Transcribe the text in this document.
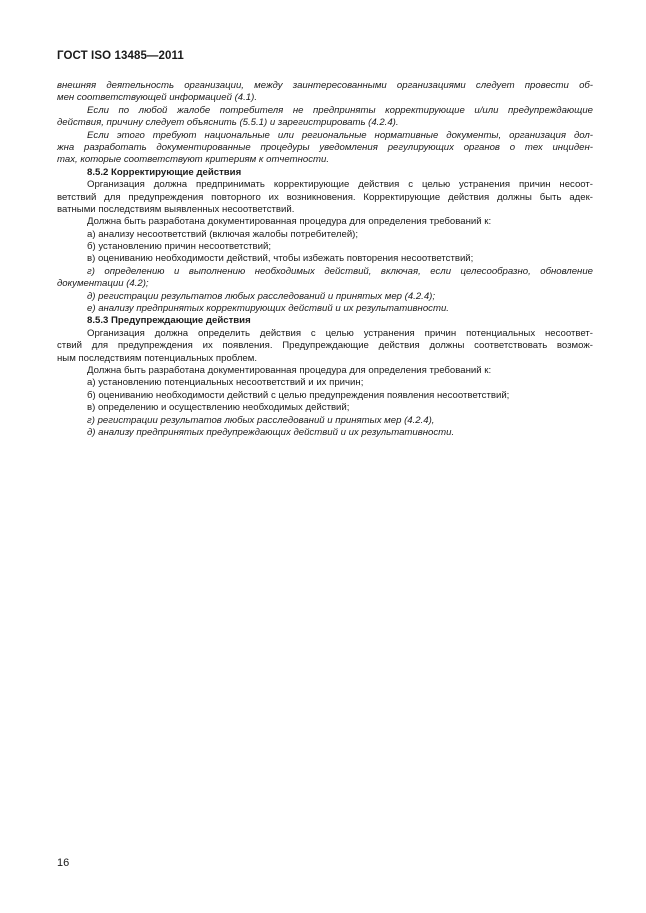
ГОСТ ISO 13485—2011
внешняя деятельность организации, между заинтересованными организациями следует провести об-
мен соответствующей информацией (4.1).
Если по любой жалобе потребителя не предприняты корректирующие и/или предупреждающие
действия, причину следует объяснить (5.5.1) и зарегистрировать (4.2.4).
Если этого требуют национальные или региональные нормативные документы, организация дол-
жна разработать документированные процедуры уведомления регулирующих органов о тех инциден-
тах, которые соответствуют критериям к отчетности.
8.5.2 Корректирующие действия
Организация должна предпринимать корректирующие действия с целью устранения причин несоот-
ветствий для предупреждения повторного их возникновения. Корректирующие действия должны быть адек-
ватными последствиям выявленных несоответствий.
Должна быть разработана документированная процедура для определения требований к:
а) анализу несоответствий (включая жалобы потребителей);
б) установлению причин несоответствий;
в) оцениванию необходимости действий, чтобы избежать повторения несоответствий;
г) определению и выполнению необходимых действий, включая, если целесообразно, обновление
документации (4.2);
д) регистрации результатов любых расследований и принятых мер (4.2.4);
е) анализу предпринятых корректирующих действий и их результативности.
8.5.3 Предупреждающие действия
Организация должна определить действия с целью устранения причин потенциальных несоответ-
ствий для предупреждения их появления. Предупреждающие действия должны соответствовать возмож-
ным последствиям потенциальных проблем.
Должна быть разработана документированная процедура для определения требований к:
а) установлению потенциальных несоответствий и их причин;
б) оцениванию необходимости действий с целью предупреждения появления несоответствий;
в) определению и осуществлению необходимых действий;
г) регистрации результатов любых расследований и принятых мер (4.2.4),
д) анализу предпринятых предупреждающих действий и их результативности.
16
